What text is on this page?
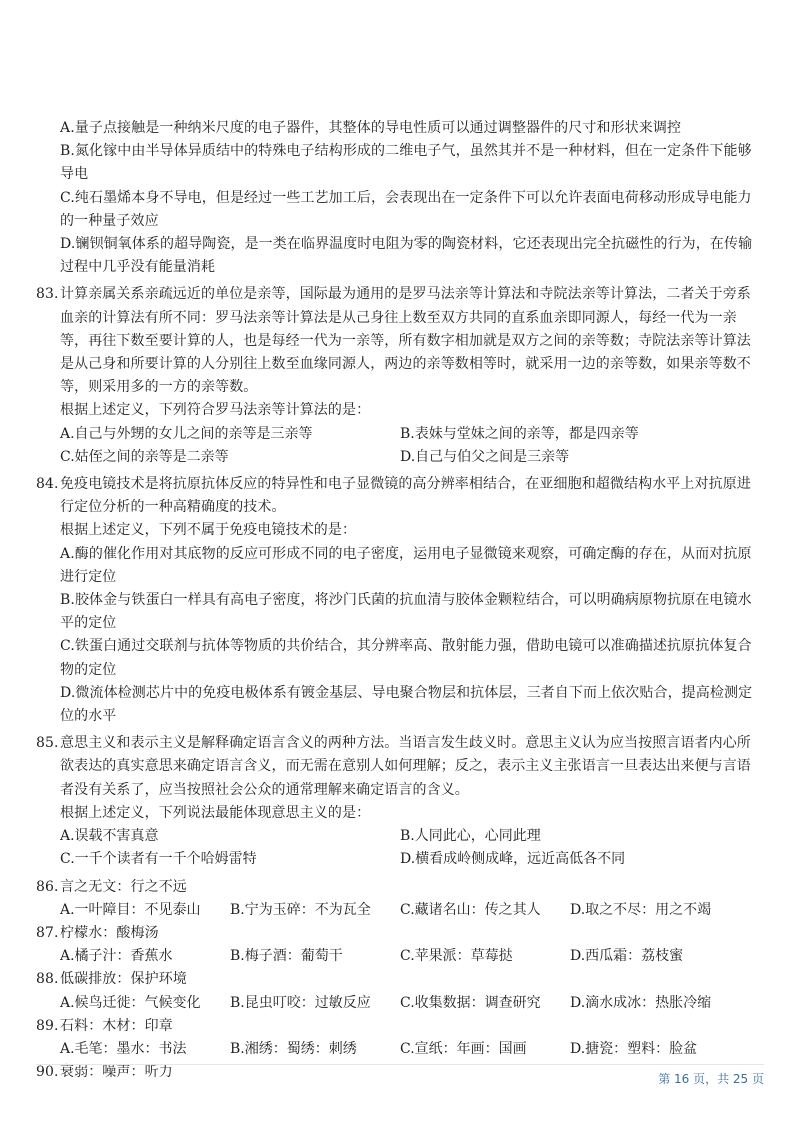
A.量子点接触是一种纳米尺度的电子器件，其整体的导电性质可以通过调整器件的尺寸和形状来调控

B.氮化镓中由半导体异质结中的特殊电子结构形成的二维电子气，虽然其并不是一种材料，但在一定条件下能够导电

C.纯石墨烯本身不导电，但是经过一些工艺加工后，会表现出在一定条件下可以允许表面电荷移动形成导电能力的一种量子效应

D.镧钡铜氧体系的超导陶瓷，是一类在临界温度时电阻为零的陶瓷材料，它还表现出完全抗磁性的行为，在传输过程中几乎没有能量消耗

83.计算亲属关系亲疏远近的单位是亲等，国际最为通用的是罗马法亲等计算法和寺院法亲等计算法，二者关于旁系血亲的计算法有所不同：罗马法亲等计算法是从己身往上数至双方共同的直系血亲即同源人，每经一代为一亲等，再往下数至要计算的人，也是每经一代为一亲等，所有数字相加就是双方之间的亲等数；寺院法亲等计算法是从己身和所要计算的人分别往上数至血缘同源人，两边的亲等数相等时，就采用一边的亲等数，如果亲等数不等，则采用多的一方的亲等数。

根据上述定义，下列符合罗马法亲等计算法的是：

A.自己与外甥的女儿之间的亲等是三亲等	B.表妹与堂妹之间的亲等，都是四亲等
C.姑侄之间的亲等是二亲等	D.自己与伯父之间是三亲等

84.免疫电镜技术是将抗原抗体反应的特异性和电子显微镜的高分辨率相结合，在亚细胞和超微结构水平上对抗原进行定位分析的一种高精确度的技术。

根据上述定义，下列不属于免疫电镜技术的是：

A.酶的催化作用对其底物的反应可形成不同的电子密度，运用电子显微镜来观察，可确定酶的存在，从而对抗原进行定位

B.胶体金与铁蛋白一样具有高电子密度，将沙门氏菌的抗血清与胶体金颗粒结合，可以明确病原物抗原在电镜水平的定位

C.铁蛋白通过交联剂与抗体等物质的共价结合，其分辨率高、散射能力强，借助电镜可以准确描述抗原抗体复合物的定位

D.微流体检测芯片中的免疫电极体系有镀金基层、导电聚合物层和抗体层，三者自下而上依次贴合，提高检测定位的水平

85.意思主义和表示主义是解释确定语言含义的两种方法。当语言发生歧义时。意思主义认为应当按照言语者内心所欲表达的真实意思来确定语言含义，而无需在意别人如何理解；反之，表示主义主张语言一旦表达出来便与言语者没有关系了，应当按照社会公众的通常理解来确定语言的含义。

根据上述定义，下列说法最能体现意思主义的是：

A.误载不害真意	B.人同此心，心同此理
C.一千个读者有一千个哈姆雷特	D.横看成岭侧成峰，远近高低各不同

86.言之无文：行之不远

A.一叶障目：不见泰山	B.宁为玉碎：不为瓦全	C.藏诸名山：传之其人	D.取之不尽：用之不竭

87.柠檬水：酸梅汤

A.橘子汁：香蕉水	B.梅子酒：葡萄干	C.苹果派：草莓挞	D.西瓜霜：荔枝蜜

88.低碳排放：保护环境

A.候鸟迁徙：气候变化	B.昆虫叮咬：过敏反应	C.收集数据：调查研究	D.滴水成冰：热胀冷缩

89.石料：木材：印章

A.毛笔：墨水：书法	B.湘绣：蜀绣：刺绣	C.宣纸：年画：国画	D.搪瓷：塑料：脸盆

90.衰弱：噪声：听力	第 16 页，共 25 页
